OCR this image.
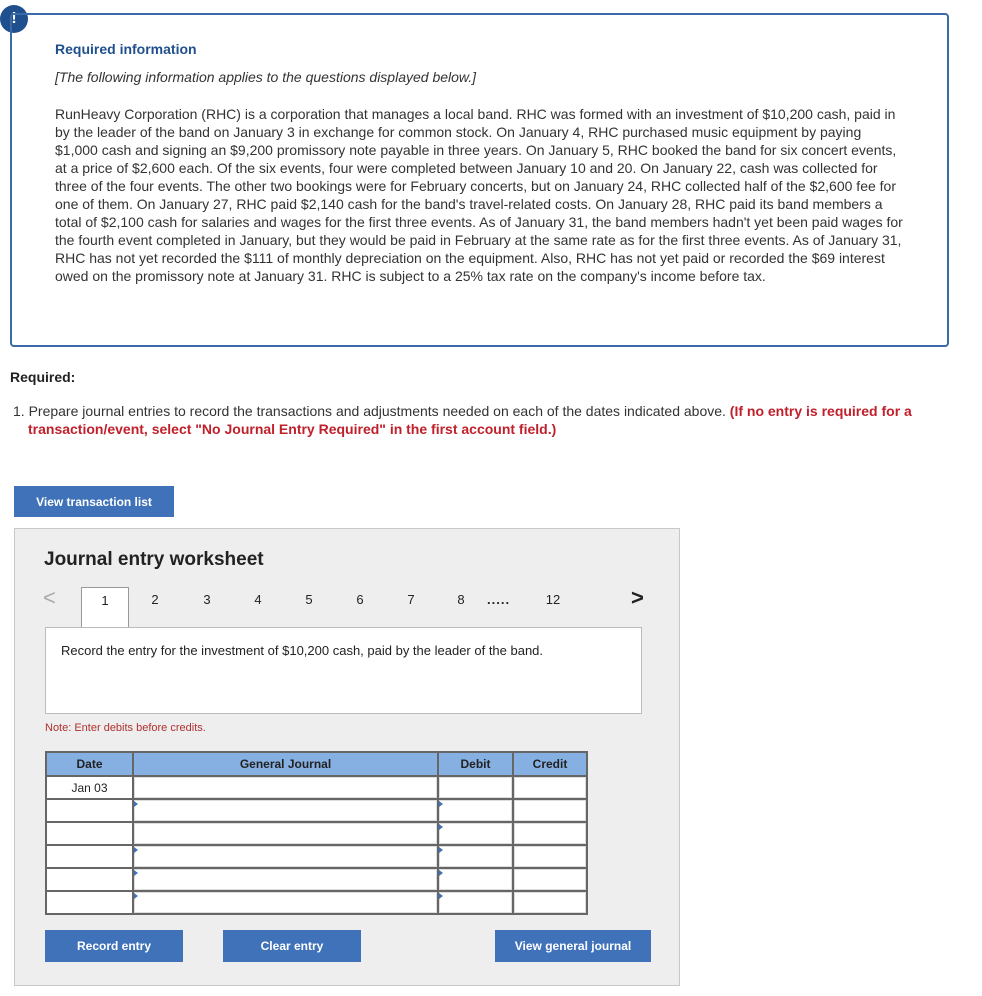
!
Required information
[The following information applies to the questions displayed below.]

RunHeavy Corporation (RHC) is a corporation that manages a local band. RHC was formed with an investment of $10,200 cash, paid in by the leader of the band on January 3 in exchange for common stock. On January 4, RHC purchased music equipment by paying $1,000 cash and signing an $9,200 promissory note payable in three years. On January 5, RHC booked the band for six concert events, at a price of $2,600 each. Of the six events, four were completed between January 10 and 20. On January 22, cash was collected for three of the four events. The other two bookings were for February concerts, but on January 24, RHC collected half of the $2,600 fee for one of them. On January 27, RHC paid $2,140 cash for the band's travel-related costs. On January 28, RHC paid its band members a total of $2,100 cash for salaries and wages for the first three events. As of January 31, the band members hadn't yet been paid wages for the fourth event completed in January, but they would be paid in February at the same rate as for the first three events. As of January 31, RHC has not yet recorded the $111 of monthly depreciation on the equipment. Also, RHC has not yet paid or recorded the $69 interest owed on the promissory note at January 31. RHC is subject to a 25% tax rate on the company's income before tax.

Required:
1. Prepare journal entries to record the transactions and adjustments needed on each of the dates indicated above. (If no entry is required for a transaction/event, select "No Journal Entry Required" in the first account field.)
View transaction list
Journal entry worksheet
<	1	2	3	4	5	6	7	8	.....	12	>
Record the entry for the investment of $10,200 cash, paid by the leader of the band.
Note: Enter debits before credits.
Date	General Journal	Debit	Credit
Jan 03			

Record entry	Clear entry	View general journal
